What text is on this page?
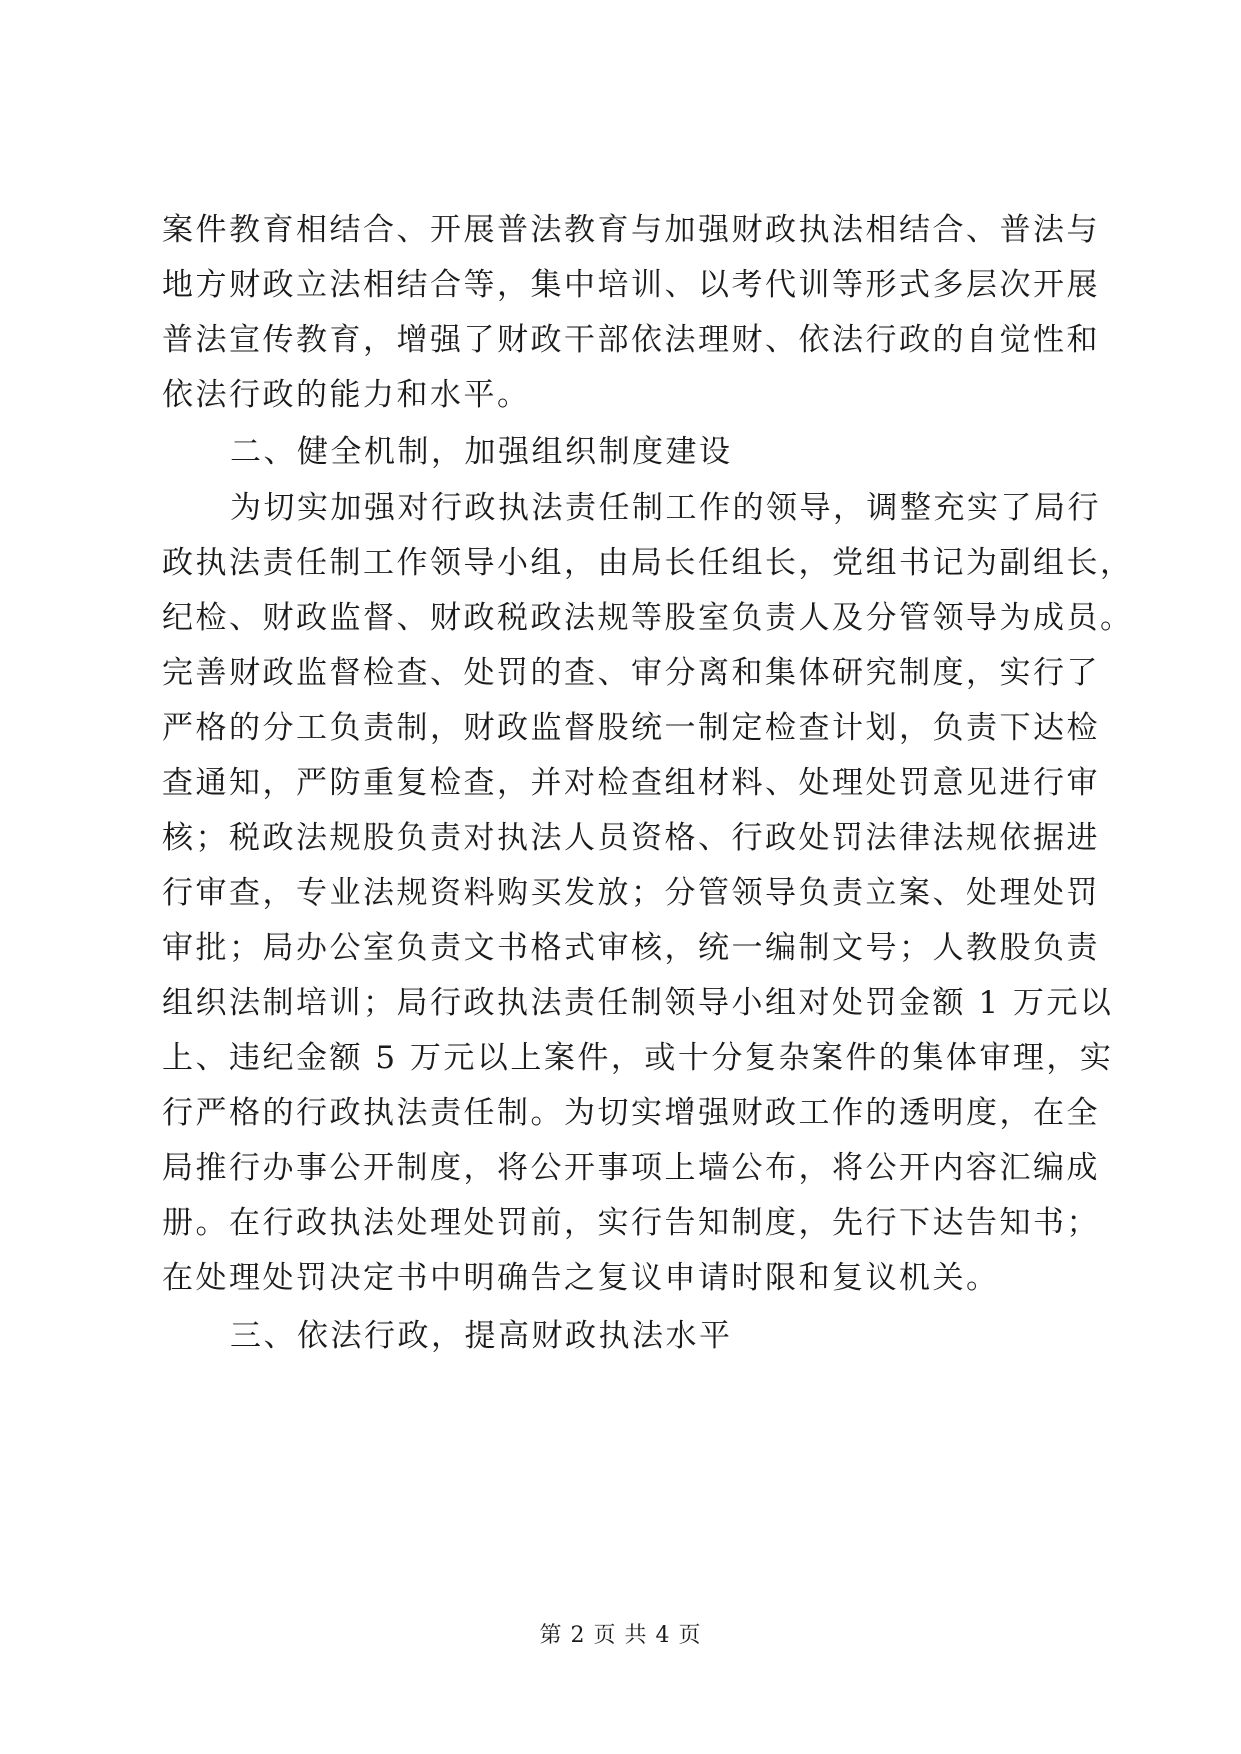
案件教育相结合、开展普法教育与加强财政执法相结合、普法与
地方财政立法相结合等，集中培训、以考代训等形式多层次开展
普法宣传教育，增强了财政干部依法理财、依法行政的自觉性和
依法行政的能力和水平。
二、健全机制，加强组织制度建设
为切实加强对行政执法责任制工作的领导，调整充实了局行
政执法责任制工作领导小组，由局长任组长，党组书记为副组长，
纪检、财政监督、财政税政法规等股室负责人及分管领导为成员。
完善财政监督检查、处罚的查、审分离和集体研究制度，实行了
严格的分工负责制，财政监督股统一制定检查计划，负责下达检
查通知，严防重复检查，并对检查组材料、处理处罚意见进行审
核；税政法规股负责对执法人员资格、行政处罚法律法规依据进
行审查，专业法规资料购买发放；分管领导负责立案、处理处罚
审批；局办公室负责文书格式审核，统一编制文号；人教股负责
组织法制培训；局行政执法责任制领导小组对处罚金额 1 万元以
上、违纪金额 5 万元以上案件，或十分复杂案件的集体审理，实
行严格的行政执法责任制。为切实增强财政工作的透明度，在全
局推行办事公开制度，将公开事项上墙公布，将公开内容汇编成
册。在行政执法处理处罚前，实行告知制度，先行下达告知书；
在处理处罚决定书中明确告之复议申请时限和复议机关。
三、依法行政，提高财政执法水平
第 2 页 共 4 页
